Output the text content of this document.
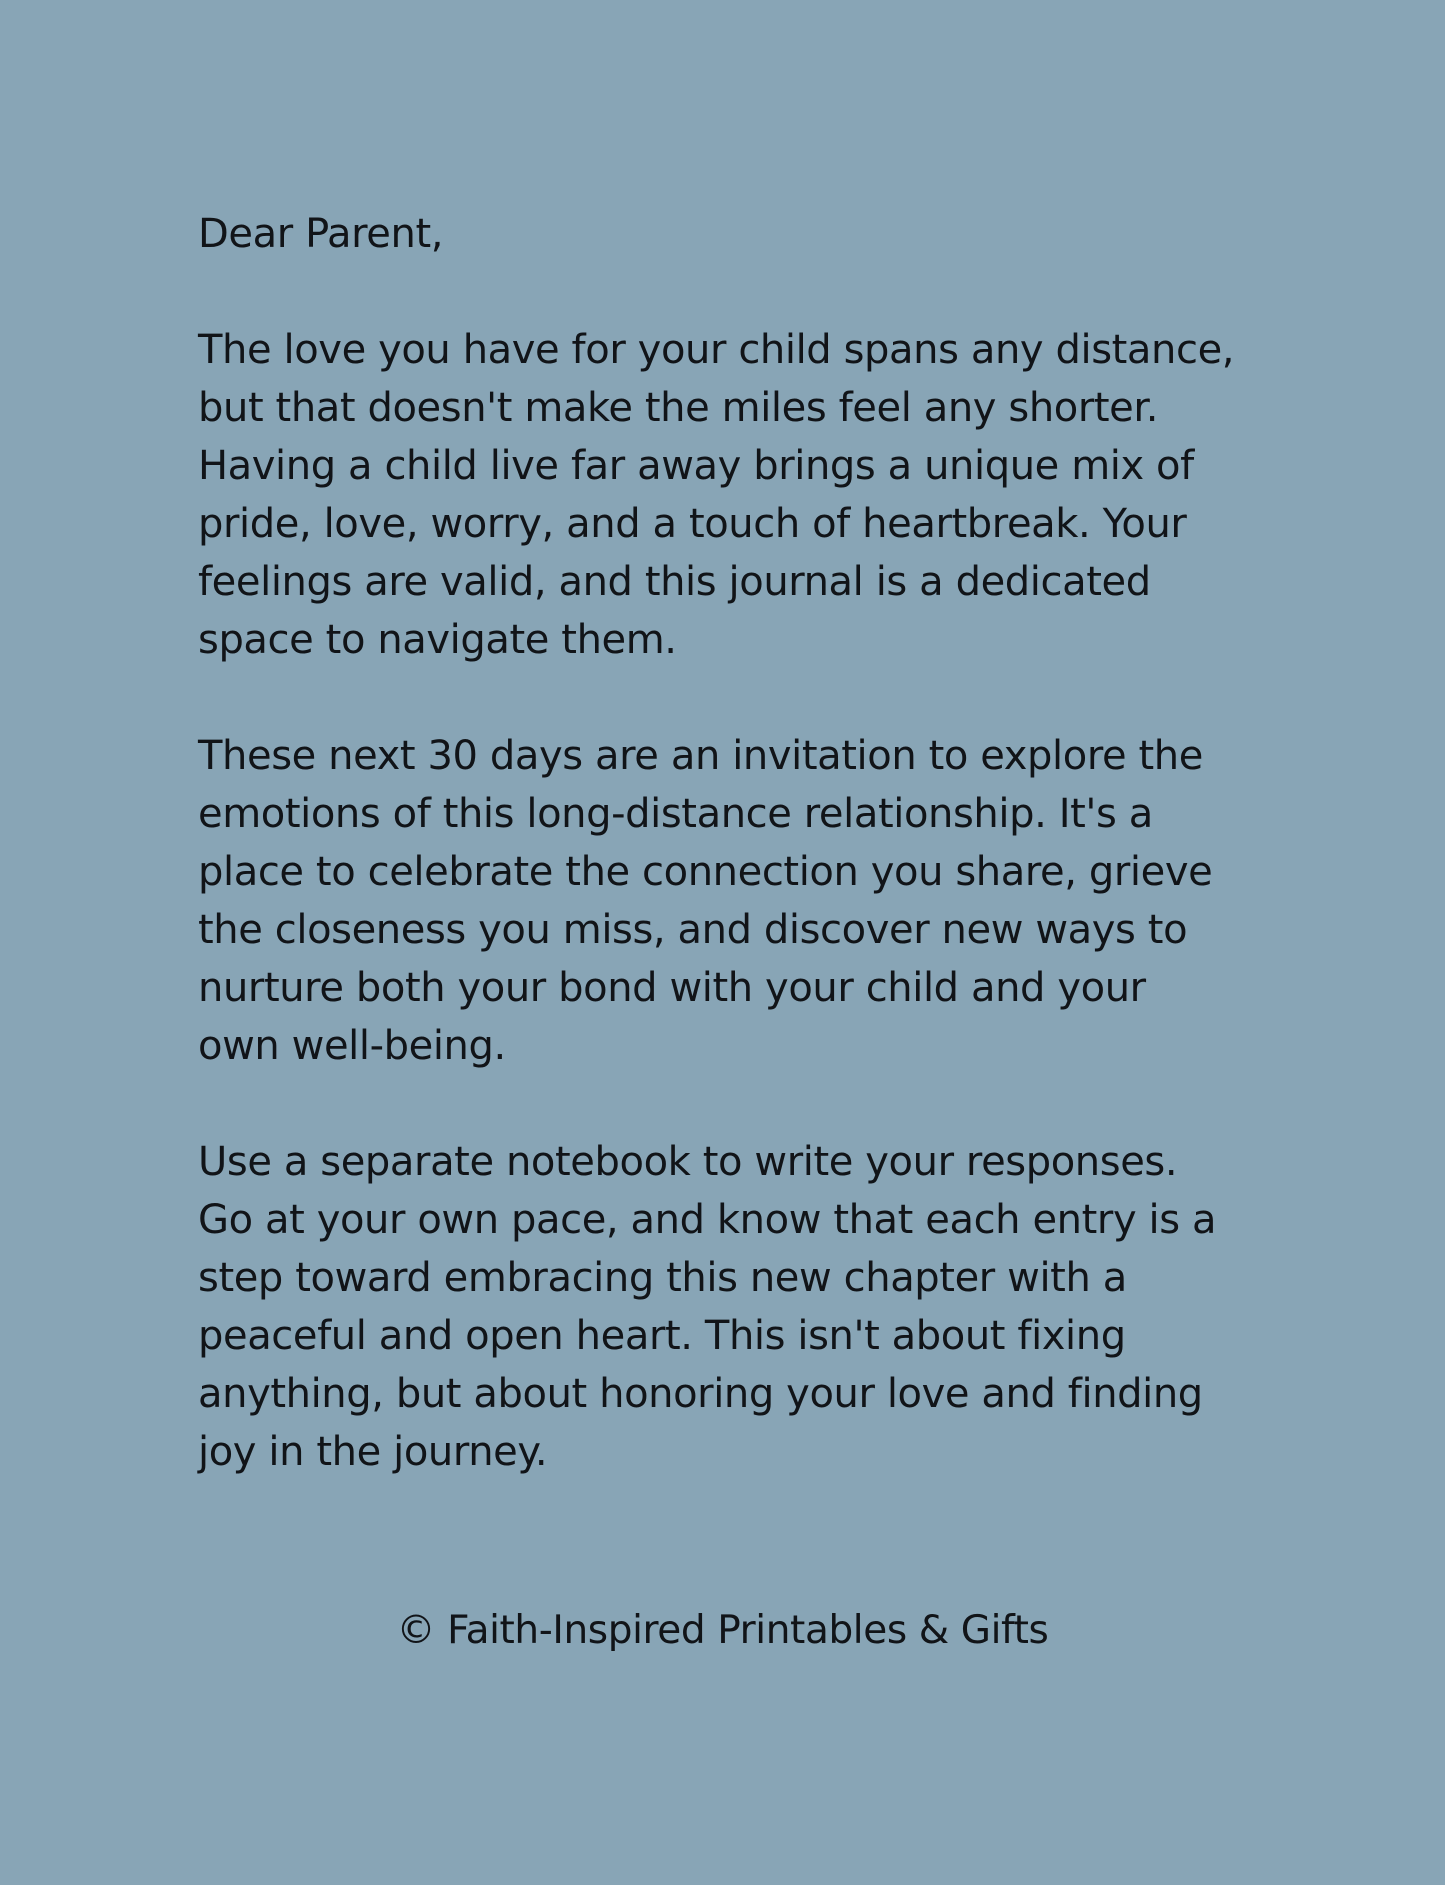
Dear Parent,
The love you have for your child spans any distance,
but that doesn't make the miles feel any shorter.
Having a child live far away brings a unique mix of
pride, love, worry, and a touch of heartbreak. Your
feelings are valid, and this journal is a dedicated
space to navigate them.
These next 30 days are an invitation to explore the
emotions of this long-distance relationship. It's a
place to celebrate the connection you share, grieve
the closeness you miss, and discover new ways to
nurture both your bond with your child and your
own well-being.
Use a separate notebook to write your responses.
Go at your own pace, and know that each entry is a
step toward embracing this new chapter with a
peaceful and open heart. This isn't about fixing
anything, but about honoring your love and finding
joy in the journey.
© Faith-Inspired Printables & Gifts
